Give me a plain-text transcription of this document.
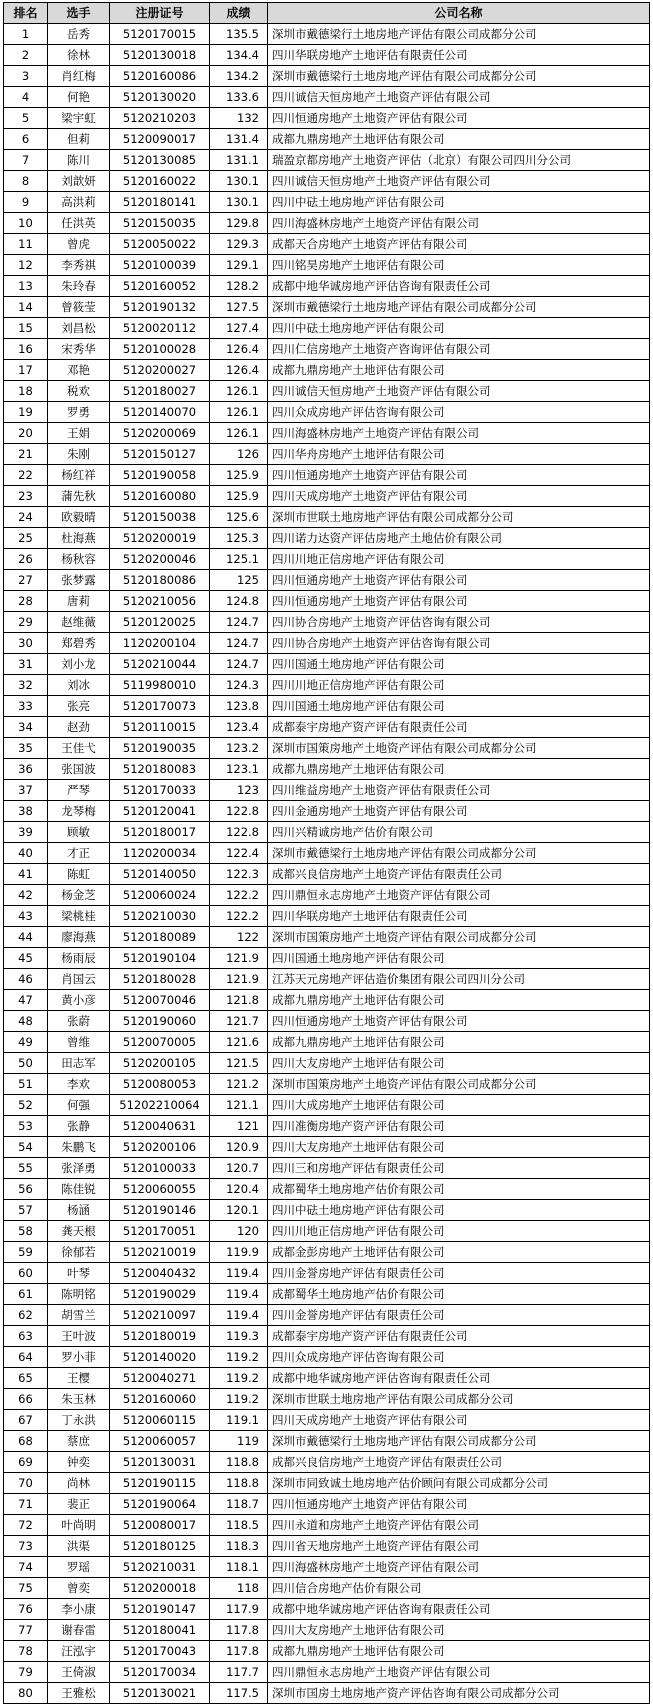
排名	选手	注册证号	成绩	公司名称
1	岳秀	5120170015	135.5	深圳市戴德梁行土地房地产评估有限公司成都分公司
2	徐林	5120130018	134.4	四川华联房地产土地评估有限责任公司
3	肖红梅	5120160086	134.2	深圳市戴德梁行土地房地产评估有限公司成都分公司
4	何艳	5120130020	133.6	四川诚信天恒房地产土地资产评估有限公司
5	梁宇虹	5120210203	132	四川恒通房地产土地资产评估有限公司
6	但莉	5120090017	131.4	成都九鼎房地产土地评估有限公司
7	陈川	5120130085	131.1	瑞盈京都房地产土地资产评估（北京）有限公司四川分公司
8	刘歆妍	5120160022	130.1	四川诚信天恒房地产土地资产评估有限公司
9	高洪莉	5120180141	130.1	四川中砝土地房地产评估有限公司
10	任洪英	5120150035	129.8	四川海盛林房地产土地资产评估有限公司
11	曾虎	5120050022	129.3	成都天合房地产土地资产评估有限公司
12	李秀祺	5120100039	129.1	四川铭昊房地产土地评估有限公司
13	朱玲春	5120160052	128.2	成都中地华诚房地产评估咨询有限责任公司
14	曾筱莹	5120190132	127.5	深圳市戴德梁行土地房地产评估有限公司成都分公司
15	刘昌松	5120020112	127.4	四川中砝土地房地产评估有限公司
16	宋秀华	5120100028	126.4	四川仁信房地产土地资产咨询评估有限公司
17	邓艳	5120200027	126.4	成都九鼎房地产土地评估有限公司
18	税欢	5120180027	126.1	四川诚信天恒房地产土地资产评估有限公司
19	罗勇	5120140070	126.1	四川众成房地产评估咨询有限公司
20	王娟	5120200069	126.1	四川海盛林房地产土地资产评估有限公司
21	朱刚	5120150127	126	四川华舟房地产土地评估有限公司
22	杨红祥	5120190058	125.9	四川恒通房地产土地资产评估有限公司
23	蒲先秋	5120160080	125.9	四川天成房地产土地资产评估有限公司
24	欧毅晴	5120150038	125.6	深圳市世联土地房地产评估有限公司成都分公司
25	杜海燕	5120200019	125.3	四川诺力达资产评估房地产土地估价有限公司
26	杨秋容	5120200046	125.1	四川川地正信房地产评估有限公司
27	张梦露	5120180086	125	四川恒通房地产土地资产评估有限公司
28	唐莉	5120210056	124.8	四川恒通房地产土地资产评估有限公司
29	赵维薇	5120120025	124.7	四川协合房地产土地资产评估咨询有限公司
30	郑碧秀	1120200104	124.7	四川协合房地产土地资产评估咨询有限公司
31	刘小龙	5120210044	124.7	四川国通土地房地产评估有限公司
32	刘冰	5119980010	124.3	四川川地正信房地产评估有限公司
33	张亮	5120170073	123.8	四川国通土地房地产评估有限公司
34	赵劲	5120110015	123.4	成都泰宇房地产资产评估有限责任公司
35	王佳弋	5120190035	123.2	深圳市国策房地产土地资产评估有限公司成都分公司
36	张国波	5120180083	123.1	成都九鼎房地产土地评估有限公司
37	严琴	5120170033	123	四川维益房地产土地资产评估有限责任公司
38	龙琴梅	5120120041	122.8	四川金通房地产土地资产评估有限公司
39	顾敏	5120180017	122.8	四川兴精诚房地产估价有限公司
40	才正	1120200034	122.4	深圳市戴德梁行土地房地产评估有限公司成都分公司
41	陈虹	5120140050	122.3	成都兴良信房地产土地资产评估有限责任公司
42	杨金芝	5120060024	122.2	四川鼎恒永志房地产土地资产评估有限公司
43	梁桃桂	5120210030	122.2	四川华联房地产土地评估有限责任公司
44	廖海燕	5120180089	122	深圳市国策房地产土地资产评估有限公司成都分公司
45	杨雨辰	5120190104	121.9	四川国通土地房地产评估有限公司
46	肖国云	5120180028	121.9	江苏天元房地产评估造价集团有限公司四川分公司
47	黄小彦	5120070046	121.8	成都九鼎房地产土地评估有限公司
48	张蔚	5120190060	121.7	四川恒通房地产土地资产评估有限公司
49	曾维	5120070005	121.6	成都九鼎房地产土地评估有限公司
50	田志军	5120200105	121.5	四川大友房地产土地评估有限公司
51	李欢	5120080053	121.2	深圳市国策房地产土地资产评估有限公司成都分公司
52	何强	51202210064	121.1	四川大成房地产土地评估有限公司
53	张静	5120040631	121	四川准衡房地产资产评估有限公司
54	朱鹏飞	5120200106	120.9	四川大友房地产土地评估有限公司
55	张泽勇	5120100033	120.7	四川三和房地产评估有限责任公司
56	陈佳锐	5120060055	120.4	成都蜀华土地房地产估价有限公司
57	杨涵	5120190146	120.1	四川中砝土地房地产评估有限公司
58	龚天根	5120170051	120	四川川地正信房地产评估有限公司
59	徐郁若	5120210019	119.9	成都金彭房地产土地评估有限公司
60	叶琴	5120040432	119.4	四川金誉房地产评估有限责任公司
61	陈明铭	5120190029	119.4	成都蜀华土地房地产估价有限公司
62	胡雪兰	5120210097	119.4	四川金誉房地产评估有限责任公司
63	王叶波	5120180019	119.3	成都泰宇房地产资产评估有限责任公司
64	罗小菲	5120140020	119.2	四川众成房地产评估咨询有限公司
65	王樱	5120040271	119.2	成都中地华诚房地产评估咨询有限责任公司
66	朱玉林	5120160060	119.2	深圳市世联土地房地产评估有限公司成都分公司
67	丁永洪	5120060115	119.1	四川天成房地产土地资产评估有限公司
68	蔡庶	5120060057	119	深圳市戴德梁行土地房地产评估有限公司成都分公司
69	钟奕	5120130031	118.8	成都兴良信房地产土地资产评估有限责任公司
70	尚林	5120190115	118.8	深圳市同致诚土地房地产估价顾问有限公司成都分公司
71	裴正	5120190064	118.7	四川恒通房地产土地资产评估有限公司
72	叶尚明	5120080017	118.5	四川永道和房地产土地资产评估有限公司
73	洪渠	5120180125	118.3	四川省天地房地产土地资产评估有限公司
74	罗瑶	5120210031	118.1	四川海盛林房地产土地资产评估有限公司
75	曾奕	5120200018	118	四川信合房地产估价有限公司
76	李小康	5120190147	117.9	成都中地华诚房地产评估咨询有限责任公司
77	谢春雷	5120180041	117.8	四川大友房地产土地评估有限公司
78	汪泓宇	5120170043	117.8	成都九鼎房地产土地评估有限公司
79	王倚淑	5120170034	117.7	四川鼎恒永志房地产土地资产评估有限公司
80	王雅松	5120130021	117.5	深圳市国房土地房地产资产评估咨询有限公司成都分公司
